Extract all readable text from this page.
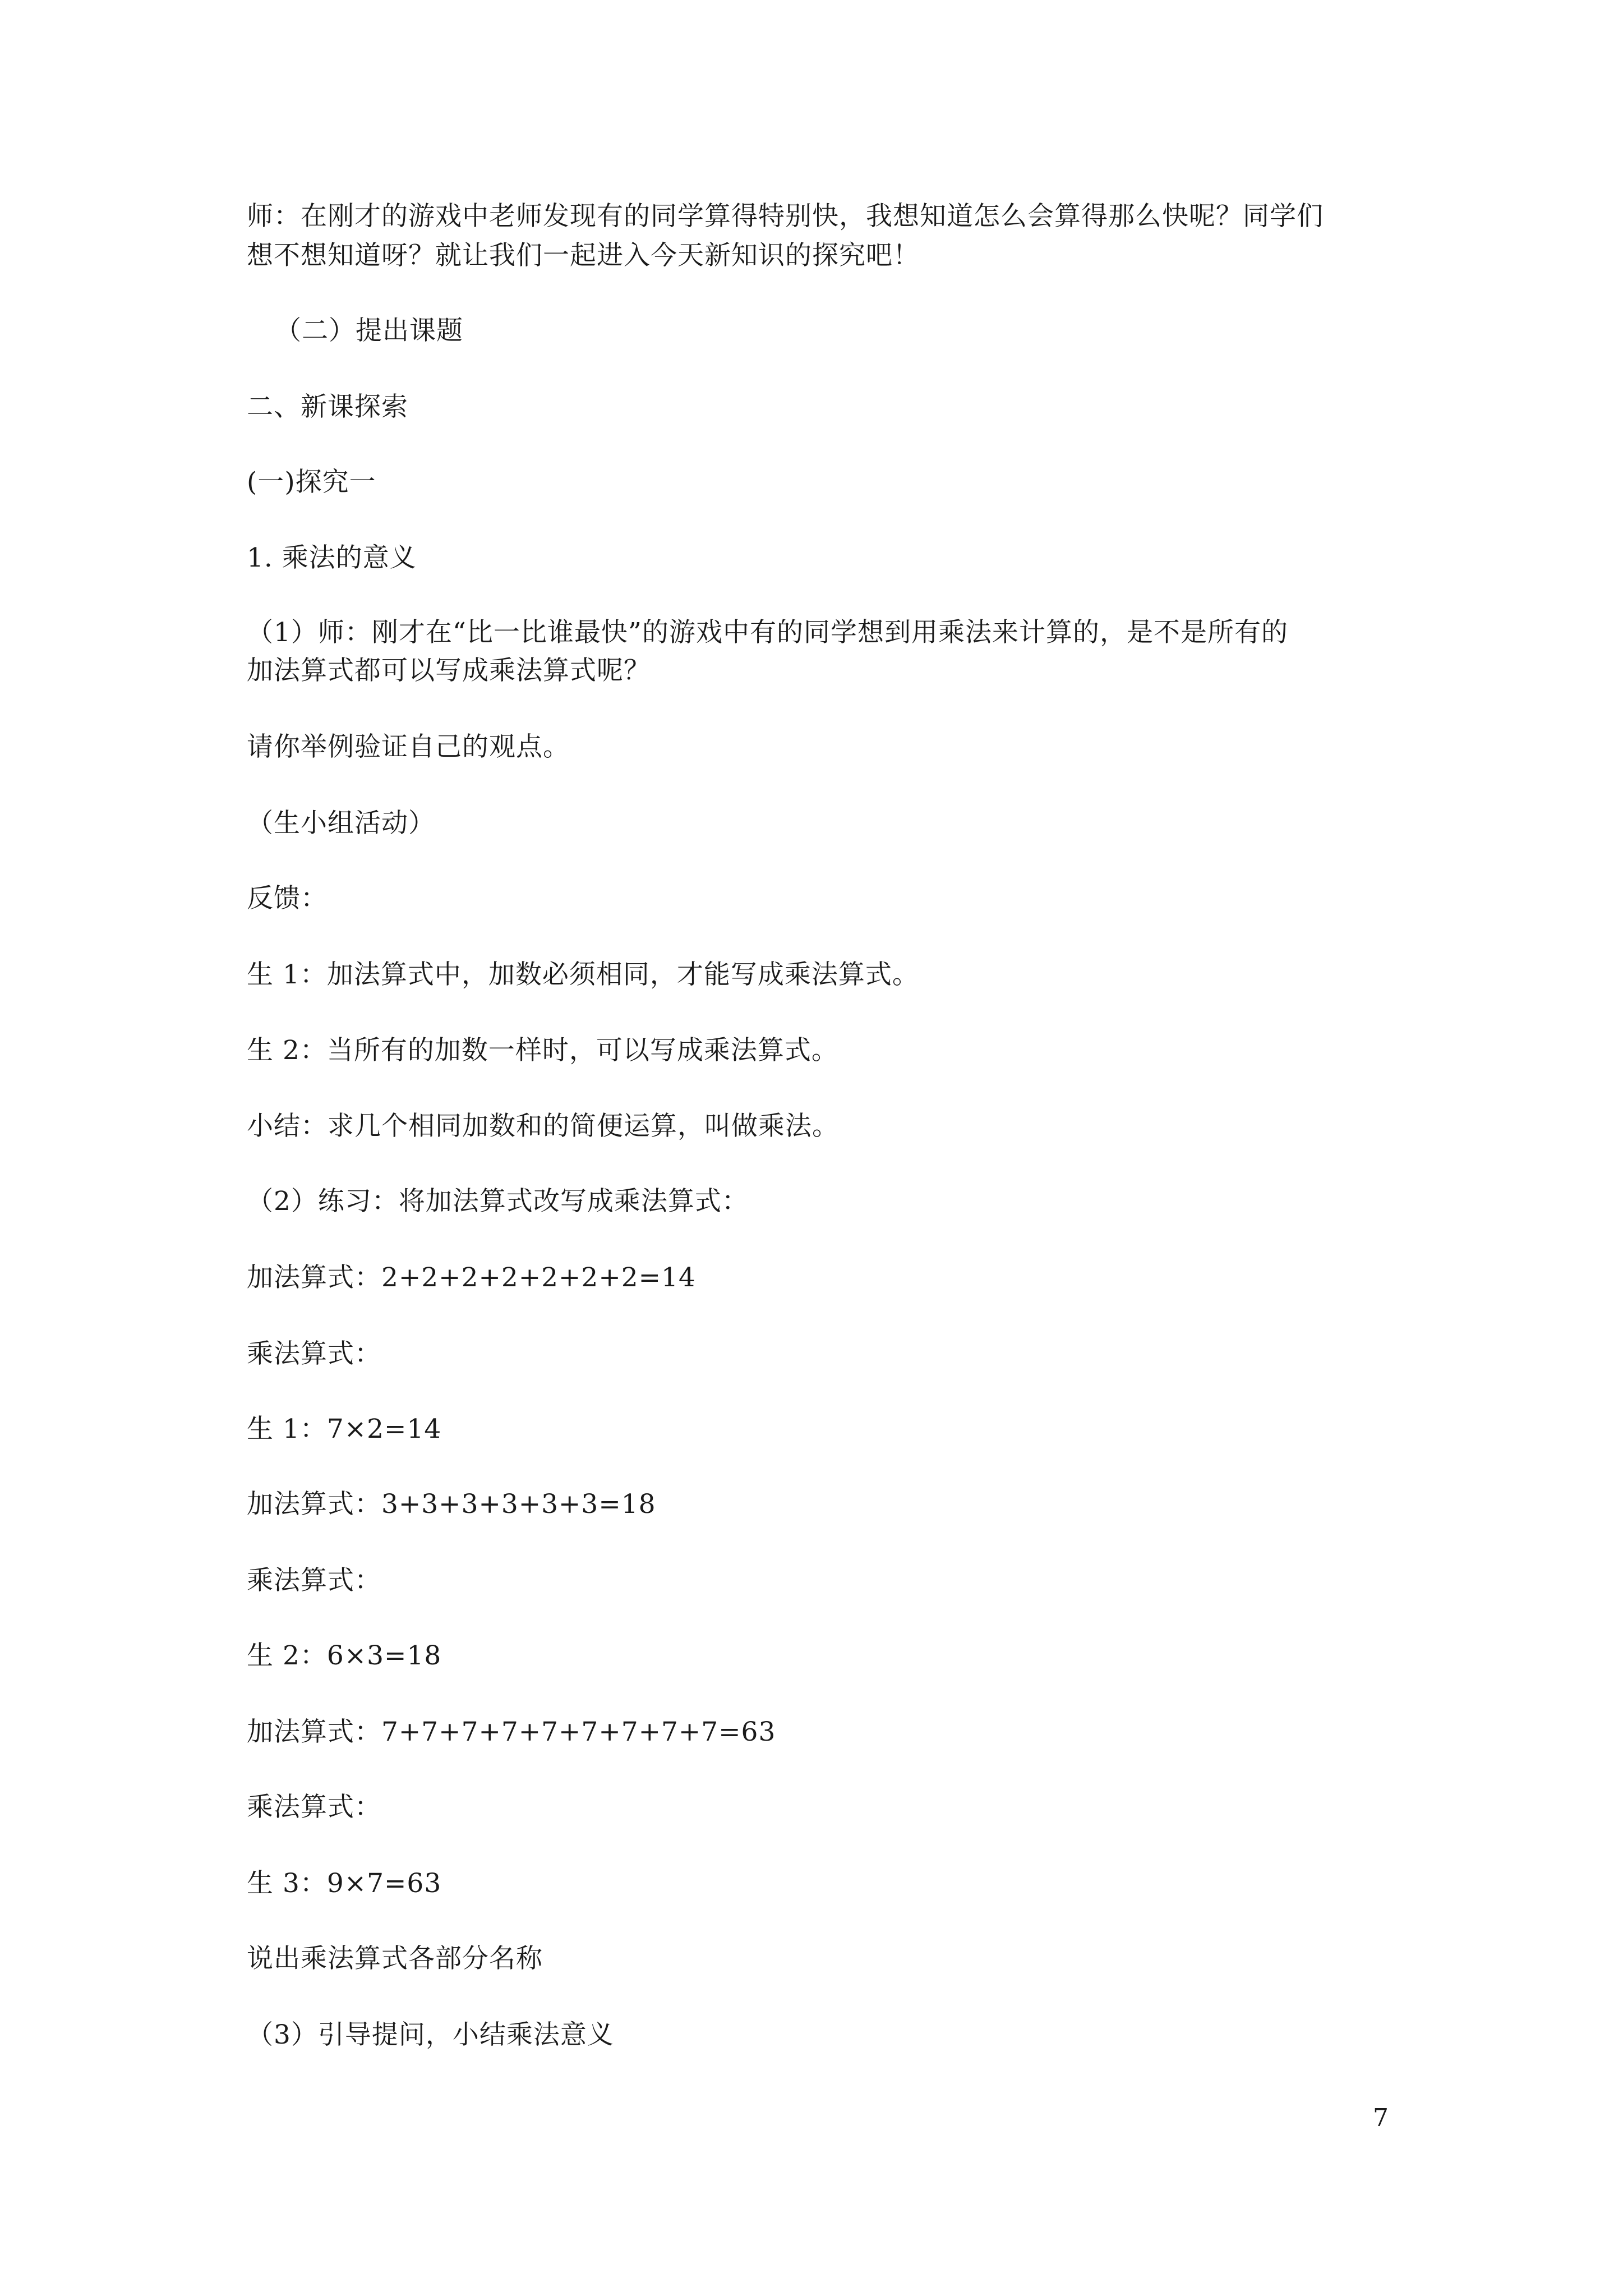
师：在刚才的游戏中老师发现有的同学算得特别快，我想知道怎么会算得那么快呢？同学们
想不想知道呀？就让我们一起进入今天新知识的探究吧！
（二）提出课题
二、新课探索
(一)探究一
1. 乘法的意义
（1）师：刚才在“比一比谁最快”的游戏中有的同学想到用乘法来计算的，是不是所有的
加法算式都可以写成乘法算式呢？
请你举例验证自己的观点。
（生小组活动）
反馈：
生 1：加法算式中，加数必须相同，才能写成乘法算式。
生 2：当所有的加数一样时，可以写成乘法算式。
小结：求几个相同加数和的简便运算，叫做乘法。
（2）练习：将加法算式改写成乘法算式：
加法算式：2+2+2+2+2+2+2=14
乘法算式：
生 1：7×2=14
加法算式：3+3+3+3+3+3=18
乘法算式：
生 2：6×3=18
加法算式：7+7+7+7+7+7+7+7+7=63
乘法算式：
生 3：9×7=63
说出乘法算式各部分名称
（3）引导提问，小结乘法意义
7
